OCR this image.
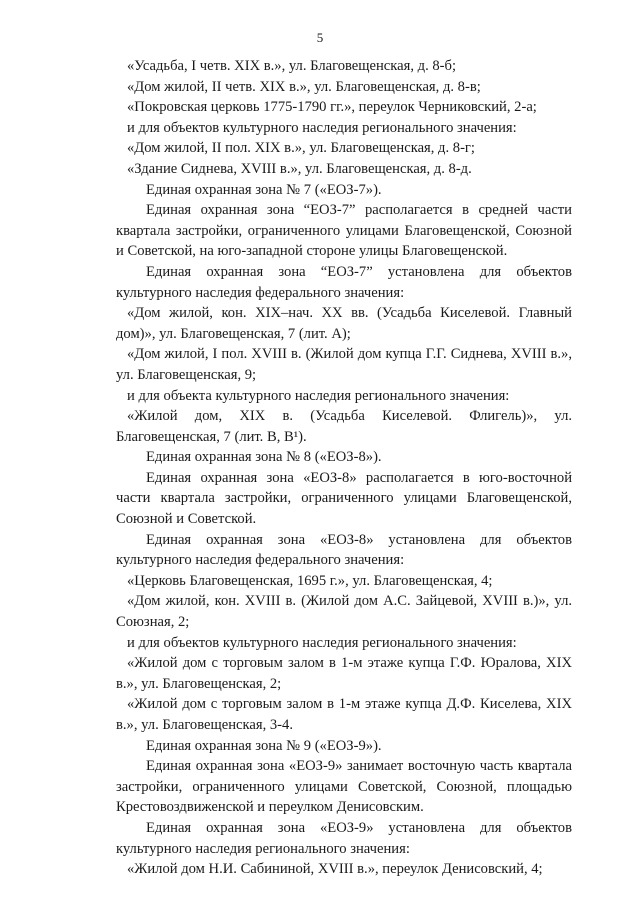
5

«Усадьба, I четв. XIX в.», ул. Благовещенская, д. 8-б;

«Дом жилой, II четв. XIX в.», ул. Благовещенская, д. 8-в;

«Покровская церковь 1775-1790 гг.», переулок Черниковский, 2-а;

и для объектов культурного наследия регионального значения:

«Дом жилой, II пол. XIX в.», ул. Благовещенская, д. 8-г;

«Здание Сиднева, XVIII в.», ул. Благовещенская, д. 8-д.

Единая охранная зона № 7 («ЕОЗ-7»).

Единая охранная зона “ЕОЗ-7” располагается в средней части квартала застройки, ограниченного улицами Благовещенской, Союзной и Советской, на юго-западной стороне улицы Благовещенской.

Единая охранная зона “ЕОЗ-7” установлена для объектов культурного наследия федерального значения:

«Дом жилой, кон. XIX–нач. XX вв. (Усадьба Киселевой. Главный дом)», ул. Благовещенская, 7 (лит. А);

«Дом жилой, I пол. XVIII в. (Жилой дом купца Г.Г. Сиднева, XVIII в.», ул. Благовещенская, 9;

и для объекта культурного наследия регионального значения:

«Жилой дом, XIX в. (Усадьба Киселевой. Флигель)», ул. Благовещенская, 7 (лит. В, В¹).

Единая охранная зона № 8 («ЕОЗ-8»).

Единая охранная зона «ЕОЗ-8» располагается в юго-восточной части квартала застройки, ограниченного улицами Благовещенской, Союзной и Советской.

Единая охранная зона «ЕОЗ-8» установлена для объектов культурного наследия федерального значения:

«Церковь Благовещенская, 1695 г.», ул. Благовещенская, 4;

«Дом жилой, кон. XVIII в. (Жилой дом А.С. Зайцевой, XVIII в.)», ул. Союзная, 2;

и для объектов культурного наследия регионального значения:

«Жилой дом с торговым залом в 1-м этаже купца Г.Ф. Юралова, XIX в.», ул. Благовещенская, 2;

«Жилой дом с торговым залом в 1-м этаже купца Д.Ф. Киселева, XIX в.», ул. Благовещенская, 3-4.

Единая охранная зона № 9 («ЕОЗ-9»).

Единая охранная зона «ЕОЗ-9» занимает восточную часть квартала застройки, ограниченного улицами Советской, Союзной, площадью Крестовоздвиженской и переулком Денисовским.

Единая охранная зона «ЕОЗ-9» установлена для объектов культурного наследия регионального значения:

«Жилой дом Н.И. Сабининой, XVIII в.», переулок Денисовский, 4;
